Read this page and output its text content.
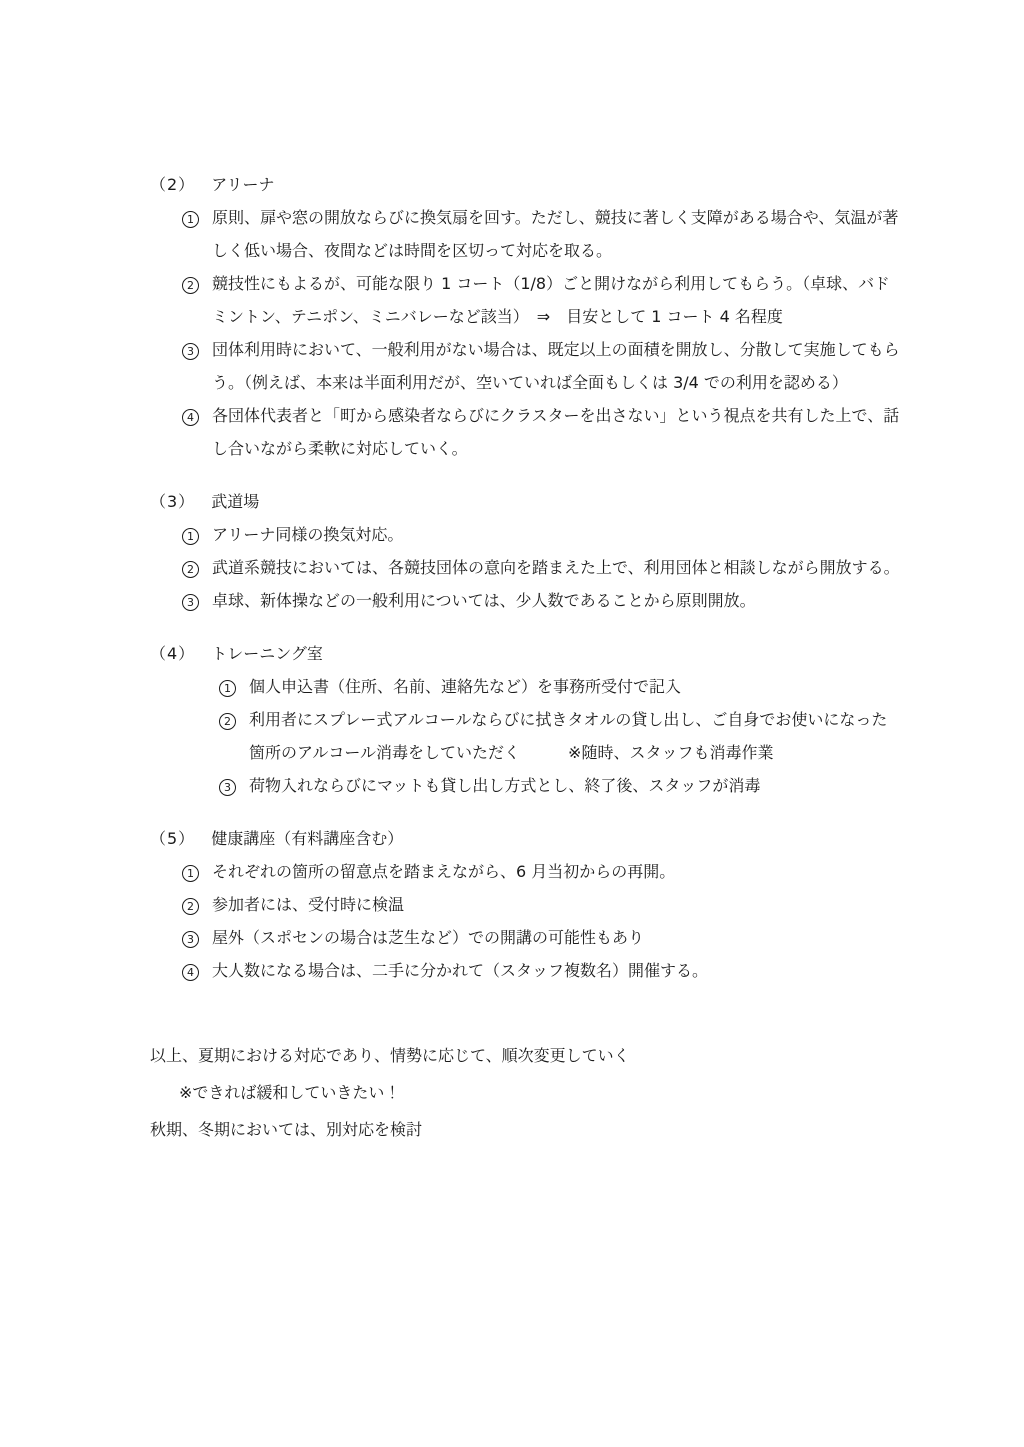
（2） アリーナ
1	原則、扉や窓の開放ならびに換気扇を回す。ただし、競技に著しく支障がある場合や、気温が著しく低い場合、夜間などは時間を区切って対応を取る。
2	競技性にもよるが、可能な限り 1 コート（1/8）ごと開けながら利用してもらう。（卓球、バドミントン、テニポン、ミニバレーなど該当）　⇒　目安として 1 コート 4 名程度
3	団体利用時において、一般利用がない場合は、既定以上の面積を開放し、分散して実施してもらう。（例えば、本来は半面利用だが、空いていれば全面もしくは 3/4 での利用を認める）
4	各団体代表者と「町から感染者ならびにクラスターを出さない」という視点を共有した上で、話し合いながら柔軟に対応していく。
（3） 武道場
1	アリーナ同様の換気対応。
2	武道系競技においては、各競技団体の意向を踏まえた上で、利用団体と相談しながら開放する。
3	卓球、新体操などの一般利用については、少人数であることから原則開放。
（4） トレーニング室
1	個人申込書（住所、名前、連絡先など）を事務所受付で記入
2	利用者にスプレー式アルコールならびに拭きタオルの貸し出し、ご自身でお使いになった箇所のアルコール消毒をしていただく　　　※随時、スタッフも消毒作業
3	荷物入れならびにマットも貸し出し方式とし、終了後、スタッフが消毒
（5） 健康講座（有料講座含む）
1	それぞれの箇所の留意点を踏まえながら、6 月当初からの再開。
2	参加者には、受付時に検温
3	屋外（スポセンの場合は芝生など）での開講の可能性もあり
4	大人数になる場合は、二手に分かれて（スタッフ複数名）開催する。

以上、夏期における対応であり、情勢に応じて、順次変更していく

※できれば緩和していきたい！

秋期、冬期においては、別対応を検討
